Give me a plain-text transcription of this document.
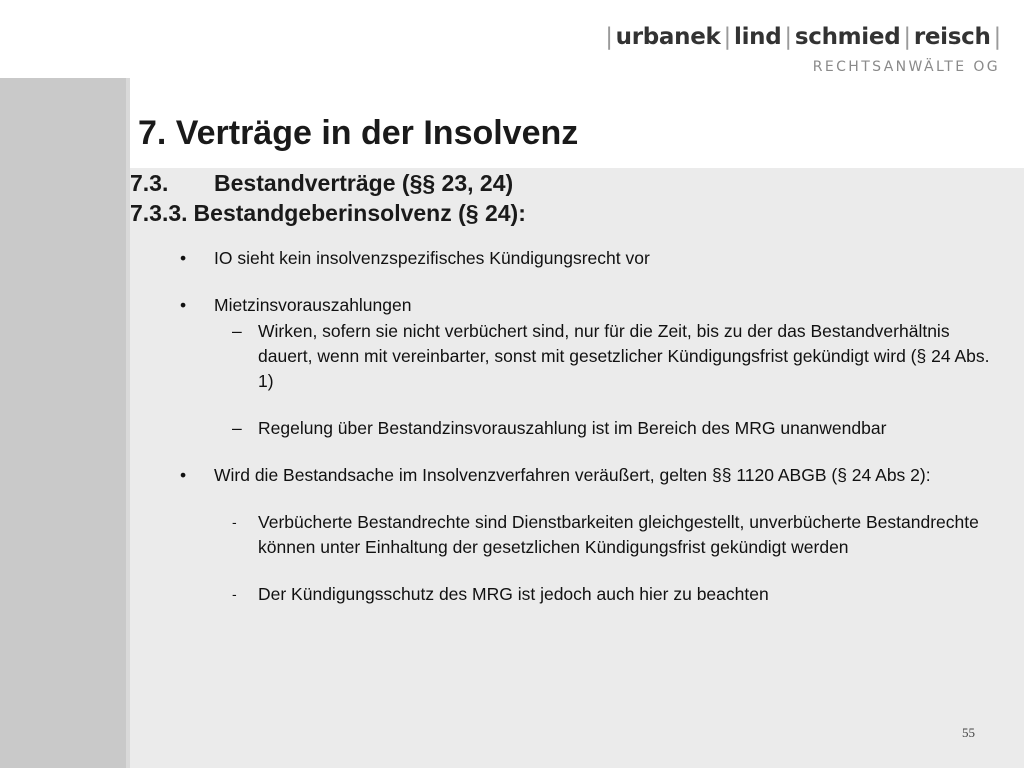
| urbanek | lind | schmied | reisch |
RECHTSANWÄLTE OG
7. Verträge in der Insolvenz
7.3. Bestandverträge (§§ 23, 24)
7.3.3. Bestandgeberinsolvenz (§ 24):
• IO sieht kein insolvenzspezifisches Kündigungsrecht vor
• Mietzinsvorauszahlungen
– Wirken, sofern sie nicht verbüchert sind, nur für die Zeit, bis zu der das Bestandverhältnis dauert, wenn mit vereinbarter, sonst mit gesetzlicher Kündigungsfrist gekündigt wird (§ 24 Abs. 1)
– Regelung über Bestandzinsvorauszahlung ist im Bereich des MRG unanwendbar
• Wird die Bestandsache im Insolvenzverfahren veräußert, gelten §§ 1120 ABGB (§ 24 Abs 2):
- Verbücherte Bestandrechte sind Dienstbarkeiten gleichgestellt, unverbücherte Bestandrechte können unter Einhaltung der gesetzlichen Kündigungsfrist gekündigt werden
- Der Kündigungsschutz des MRG ist jedoch auch hier zu beachten
55
